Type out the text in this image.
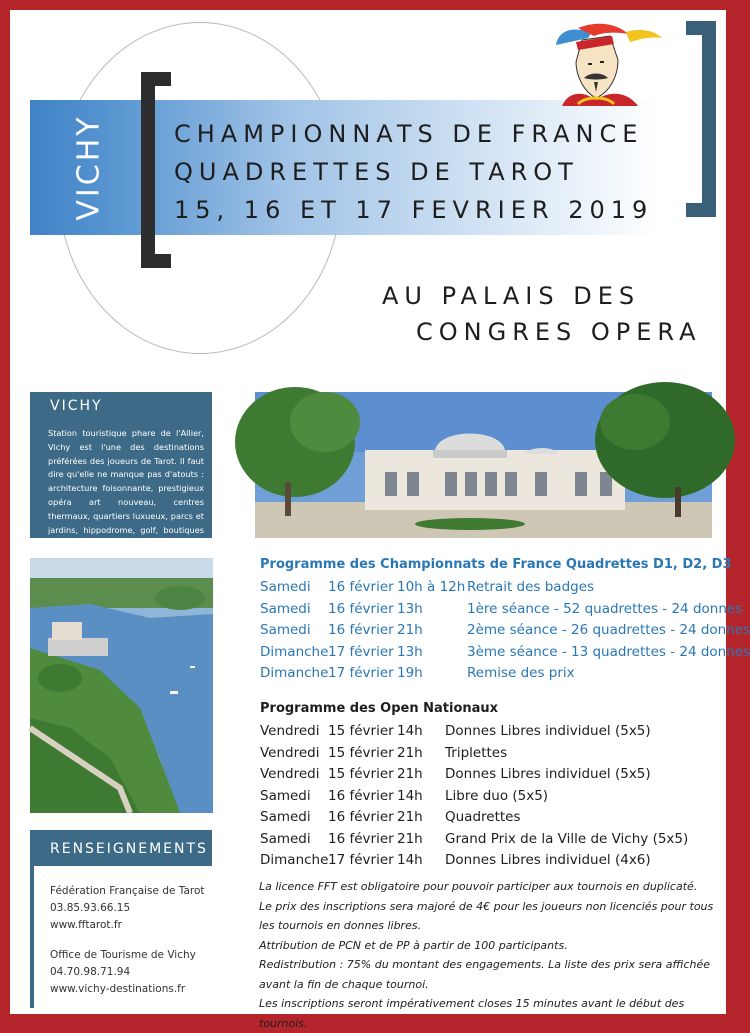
VICHY	CHAMPIONNATS DE FRANCE
QUADRETTES DE TAROT
15, 16 ET 17 FEVRIER 2019
AU PALAIS DES
CONGRES OPERA
VICHY
Station touristique phare de l'Allier, Vichy est l'une des destinations préférées des joueurs de Tarot. Il faut dire qu'elle ne manque pas d'atouts : architecture foisonnante, prestigieux opéra art nouveau, centres thermaux, quartiers luxueux, parcs et jardins, hippodrome, golf, boutiques de mode.
RENSEIGNEMENTS
Fédération Française de Tarot
03.85.93.66.15
www.fftarot.fr
Office de Tourisme de Vichy
04.70.98.71.94
www.vichy-destinations.fr
Programme des Championnats de France Quadrettes D1, D2, D3
Samedi 16 février 10h à 12h Retrait des badges
Samedi 16 février 13h	1ère séance - 52 quadrettes - 24 donnes
Samedi 16 février 21h	2ème séance - 26 quadrettes - 24 donnes
Dimanche 17 février 13h	3ème séance - 13 quadrettes - 24 donnes
Dimanche 17 février 19h	Remise des prix
Programme des Open Nationaux
Vendredi 15 février 14h Donnes Libres individuel (5x5)
Vendredi 15 février 21h Triplettes
Vendredi 15 février 21h Donnes Libres individuel (5x5)
Samedi 16 février 14h Libre duo (5x5)
Samedi 16 février 21h Quadrettes
Samedi 16 février 21h Grand Prix de la Ville de Vichy (5x5)
Dimanche 17 février 14h Donnes Libres individuel (4x6)
La licence FFT est obligatoire pour pouvoir participer aux tournois en duplicaté.
Le prix des inscriptions sera majoré de 4€ pour les joueurs non licenciés pour tous les tournois en donnes libres.
Attribution de PCN et de PP à partir de 100 participants.
Redistribution : 75% du montant des engagements. La liste des prix sera affichée avant la fin de chaque tournoi.
Les inscriptions seront impérativement closes 15 minutes avant le début des tournois.
